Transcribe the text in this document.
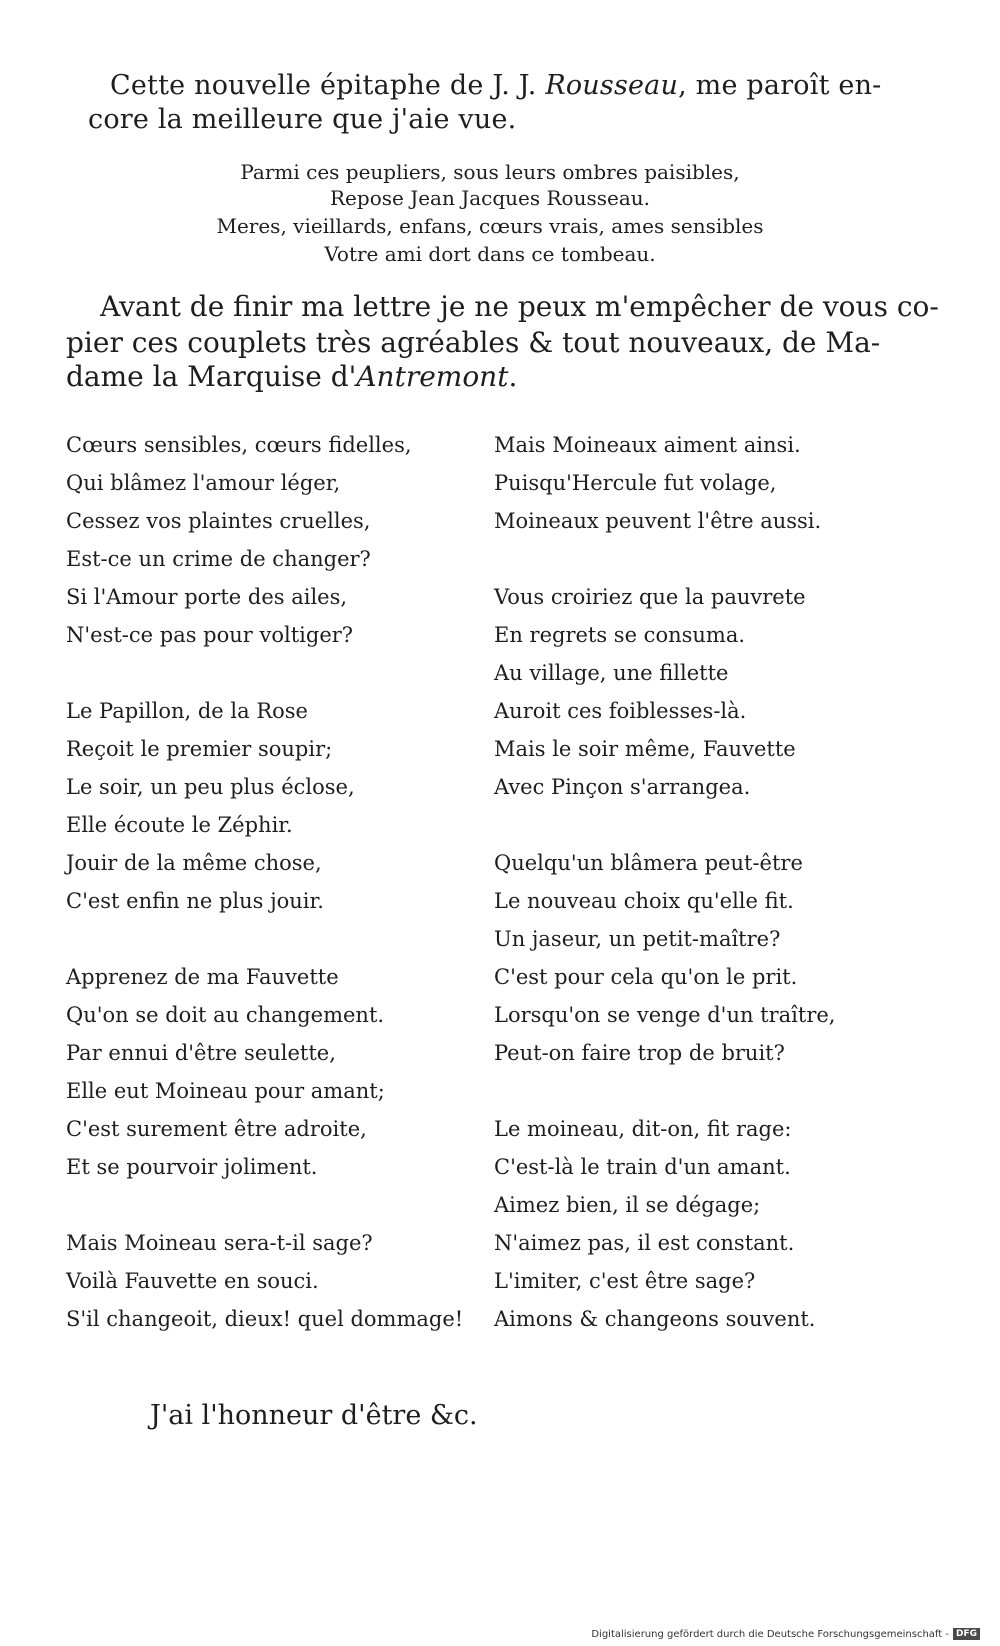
Cette nouvelle épitaphe de J. J. Rousseau, me paroît en-

core la meilleure que j'aie vue.

Parmi ces peupliers, sous leurs ombres paisibles,

Repose Jean Jacques Rousseau.

Meres, vieillards, enfans, cœurs vrais, ames sensibles

Votre ami dort dans ce tombeau.

Avant de finir ma lettre je ne peux m'empêcher de vous co-

pier ces couplets très agréables & tout nouveaux, de Ma-

dame la Marquise d'Antremont.

Cœurs sensibles, cœurs fidelles,
Qui blâmez l'amour léger,
Cessez vos plaintes cruelles,
Est-ce un crime de changer?
Si l'Amour porte des ailes,
N'est-ce pas pour voltiger?
Le Papillon, de la Rose
Reçoit le premier soupir;
Le soir, un peu plus éclose,
Elle écoute le Zéphir.
Jouir de la même chose,
C'est enfin ne plus jouir.
Apprenez de ma Fauvette
Qu'on se doit au changement.
Par ennui d'être seulette,
Elle eut Moineau pour amant;
C'est surement être adroite,
Et se pourvoir joliment.
Mais Moineau sera-t-il sage?
Voilà Fauvette en souci.
S'il changeoit, dieux! quel dommage!
Mais Moineaux aiment ainsi.
Puisqu'Hercule fut volage,
Moineaux peuvent l'être aussi.
Vous croiriez que la pauvrete
En regrets se consuma.
Au village, une fillette
Auroit ces foiblesses-là.
Mais le soir même, Fauvette
Avec Pinçon s'arrangea.
Quelqu'un blâmera peut-être
Le nouveau choix qu'elle fit.
Un jaseur, un petit-maître?
C'est pour cela qu'on le prit.
Lorsqu'on se venge d'un traître,
Peut-on faire trop de bruit?
Le moineau, dit-on, fit rage:
C'est-là le train d'un amant.
Aimez bien, il se dégage;
N'aimez pas, il est constant.
L'imiter, c'est être sage?
Aimons & changeons souvent.

J'ai l'honneur d'être &c.

Digitalisierung gefördert durch die Deutsche Forschungsgemeinschaft - DFG
